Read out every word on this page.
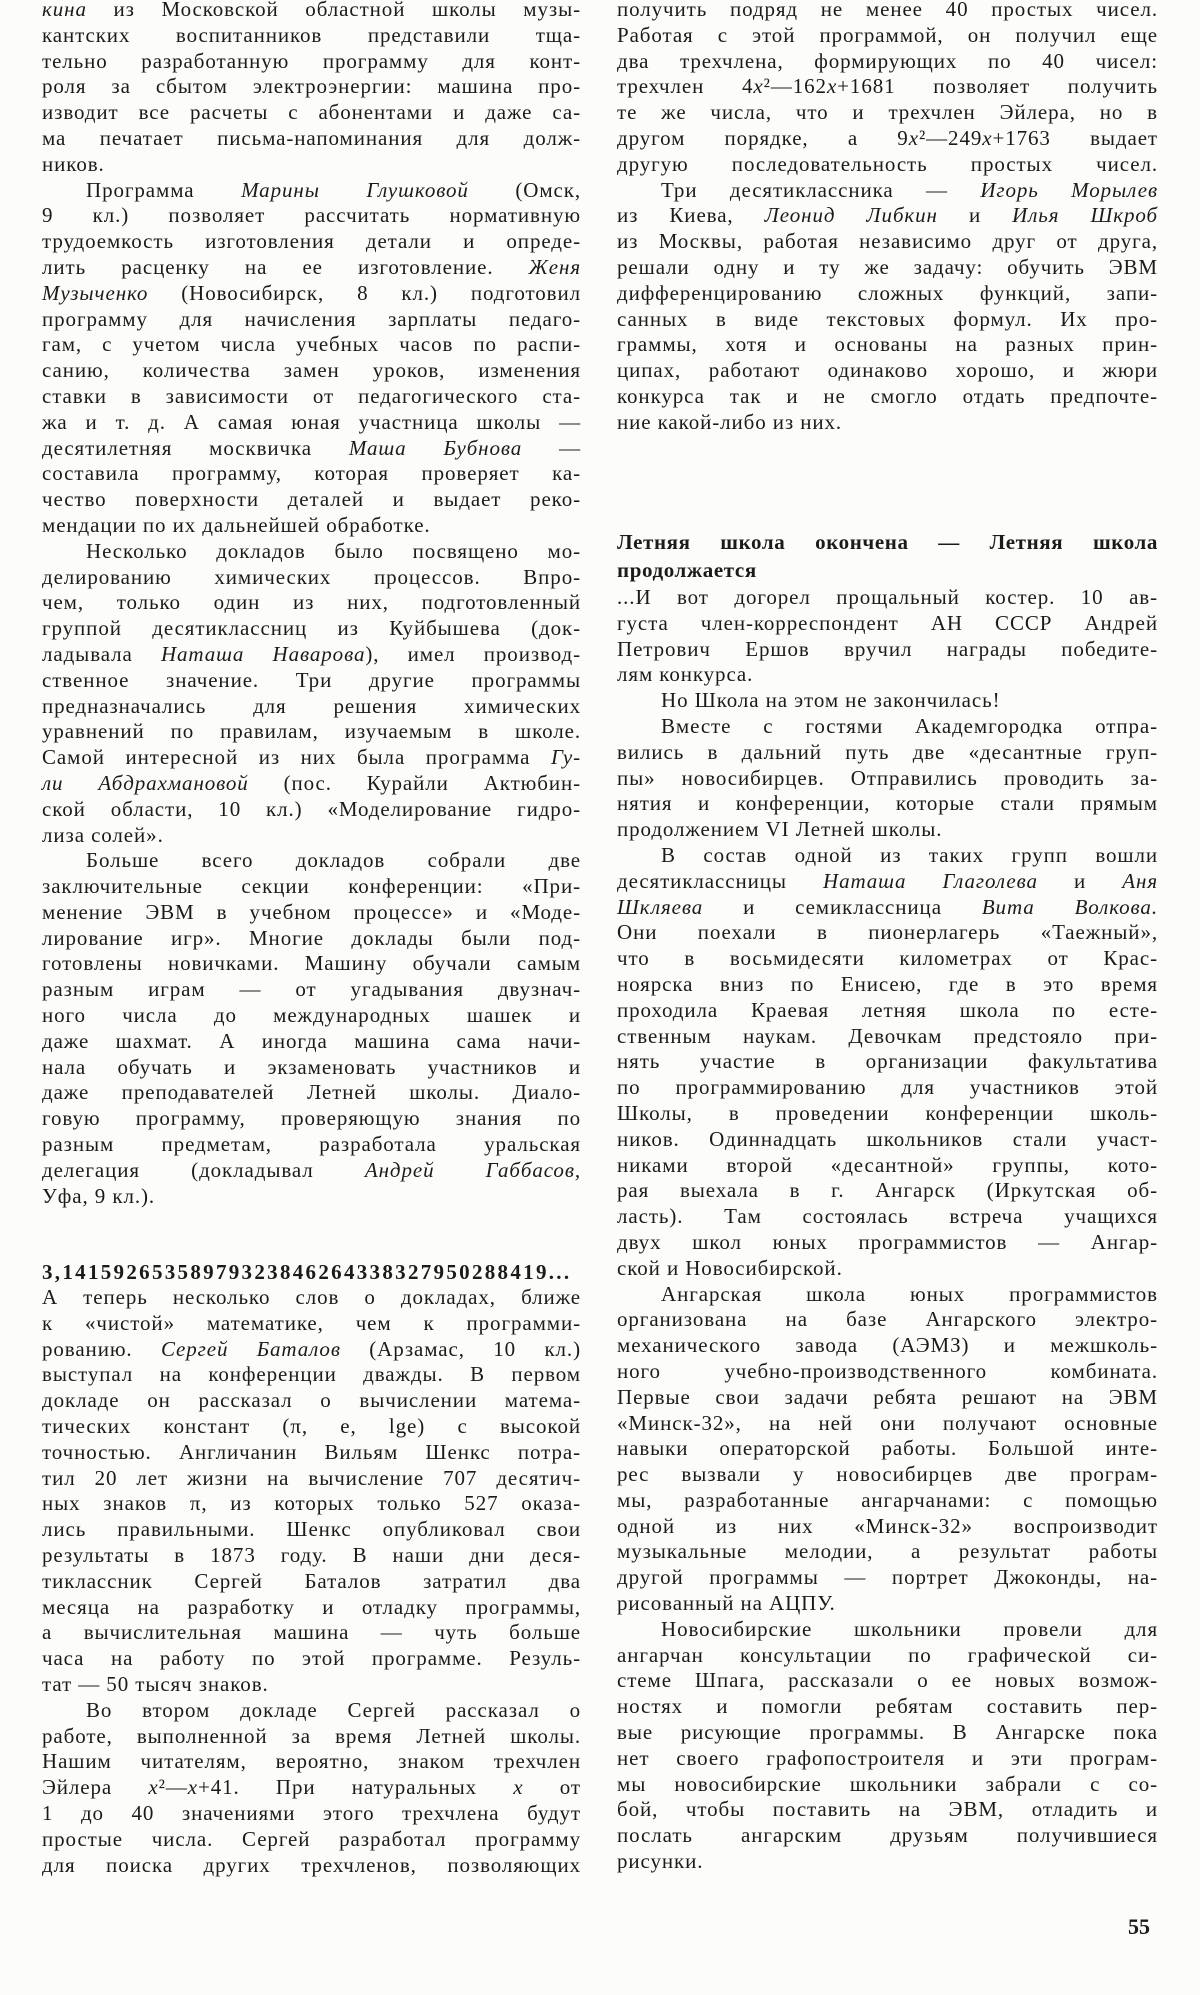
кина из Московской областной школы музы-
кантских воспитанников представили тща-
тельно разработанную программу для конт-
роля за сбытом электроэнергии: машина про-
изводит все расчеты с абонентами и даже са-
ма печатает письма-напоминания для долж-
ников.
Программа Марины Глушковой (Омск,
9 кл.) позволяет рассчитать нормативную
трудоемкость изготовления детали и опреде-
лить расценку на ее изготовление. Женя
Музыченко (Новосибирск, 8 кл.) подготовил
программу для начисления зарплаты педаго-
гам, с учетом числа учебных часов по распи-
санию, количества замен уроков, изменения
ставки в зависимости от педагогического ста-
жа и т. д. А самая юная участница школы —
десятилетняя москвичка Маша Бубнова —
составила программу, которая проверяет ка-
чество поверхности деталей и выдает реко-
мендации по их дальнейшей обработке.
Несколько докладов было посвящено мо-
делированию химических процессов. Впро-
чем, только один из них, подготовленный
группой десятиклассниц из Куйбышева (док-
ладывала Наташа Наварова), имел производ-
ственное значение. Три другие программы
предназначались для решения химических
уравнений по правилам, изучаемым в школе.
Самой интересной из них была программа Гу-
ли Абдрахмановой (пос. Курайли Актюбин-
ской области, 10 кл.) «Моделирование гидро-
лиза солей».
Больше всего докладов собрали две
заключительные секции конференции: «При-
менение ЭВМ в учебном процессе» и «Моде-
лирование игр». Многие доклады были под-
готовлены новичками. Машину обучали самым
разным играм — от угадывания двузнач-
ного числа до международных шашек и
даже шахмат. А иногда машина сама начи-
нала обучать и экзаменовать участников и
даже преподавателей Летней школы. Диало-
говую программу, проверяющую знания по
разным предметам, разработала уральская
делегация (докладывал Андрей Габбасов,
Уфа, 9 кл.).
3,14159265358979323846264338327950288419...
А теперь несколько слов о докладах, ближе
к «чистой» математике, чем к программи-
рованию. Сергей Баталов (Арзамас, 10 кл.)
выступал на конференции дважды. В первом
докладе он рассказал о вычислении матема-
тических констант (π, e, lge) с высокой
точностью. Англичанин Вильям Шенкс потра-
тил 20 лет жизни на вычисление 707 десятич-
ных знаков π, из которых только 527 оказа-
лись правильными. Шенкс опубликовал свои
результаты в 1873 году. В наши дни деся-
тиклассник Сергей Баталов затратил два
месяца на разработку и отладку программы,
а вычислительная машина — чуть больше
часа на работу по этой программе. Резуль-
тат — 50 тысяч знаков.
Во втором докладе Сергей рассказал о
работе, выполненной за время Летней школы.
Нашим читателям, вероятно, знаком трехчлен
Эйлера x²—x+41. При натуральных x от
1 до 40 значениями этого трехчлена будут
простые числа. Сергей разработал программу
для поиска других трехчленов, позволяющих
получить подряд не менее 40 простых чисел.
Работая с этой программой, он получил еще
два трехчлена, формирующих по 40 чисел:
трехчлен 4x²—162x+1681 позволяет получить
те же числа, что и трехчлен Эйлера, но в
другом порядке, а 9x²—249x+1763 выдает
другую последовательность простых чисел.
Три десятиклассника — Игорь Морылев
из Киева, Леонид Либкин и Илья Шкроб
из Москвы, работая независимо друг от друга,
решали одну и ту же задачу: обучить ЭВМ
дифференцированию сложных функций, запи-
санных в виде текстовых формул. Их про-
граммы, хотя и основаны на разных прин-
ципах, работают одинаково хорошо, и жюри
конкурса так и не смогло отдать предпочте-
ние какой-либо из них.
Летняя школа окончена — Летняя школа
продолжается
...И вот догорел прощальный костер. 10 ав-
густа член-корреспондент АН СССР Андрей
Петрович Ершов вручил награды победите-
лям конкурса.
Но Школа на этом не закончилась!
Вместе с гостями Академгородка отпра-
вились в дальний путь две «десантные груп-
пы» новосибирцев. Отправились проводить за-
нятия и конференции, которые стали прямым
продолжением VI Летней школы.
В состав одной из таких групп вошли
десятиклассницы Наташа Глаголева и Аня
Шкляева и семиклассница Вита Волкова.
Они поехали в пионерлагерь «Таежный»,
что в восьмидесяти километрах от Крас-
ноярска вниз по Енисею, где в это время
проходила Краевая летняя школа по есте-
ственным наукам. Девочкам предстояло при-
нять участие в организации факультатива
по программированию для участников этой
Школы, в проведении конференции школь-
ников. Одиннадцать школьников стали участ-
никами второй «десантной» группы, кото-
рая выехала в г. Ангарск (Иркутская об-
ласть). Там состоялась встреча учащихся
двух школ юных программистов — Ангар-
ской и Новосибирской.
Ангарская школа юных программистов
организована на базе Ангарского электро-
механического завода (АЭМЗ) и межшколь-
ного учебно-производственного комбината.
Первые свои задачи ребята решают на ЭВМ
«Минск-32», на ней они получают основные
навыки операторской работы. Большой инте-
рес вызвали у новосибирцев две програм-
мы, разработанные ангарчанами: с помощью
одной из них «Минск-32» воспроизводит
музыкальные мелодии, а результат работы
другой программы — портрет Джоконды, на-
рисованный на АЦПУ.
Новосибирские школьники провели для
ангарчан консультации по графической си-
стеме Шпага, рассказали о ее новых возмож-
ностях и помогли ребятам составить пер-
вые рисующие программы. В Ангарске пока
нет своего графопостроителя и эти програм-
мы новосибирские школьники забрали с со-
бой, чтобы поставить на ЭВМ, отладить и
послать ангарским друзьям получившиеся
рисунки.
55
